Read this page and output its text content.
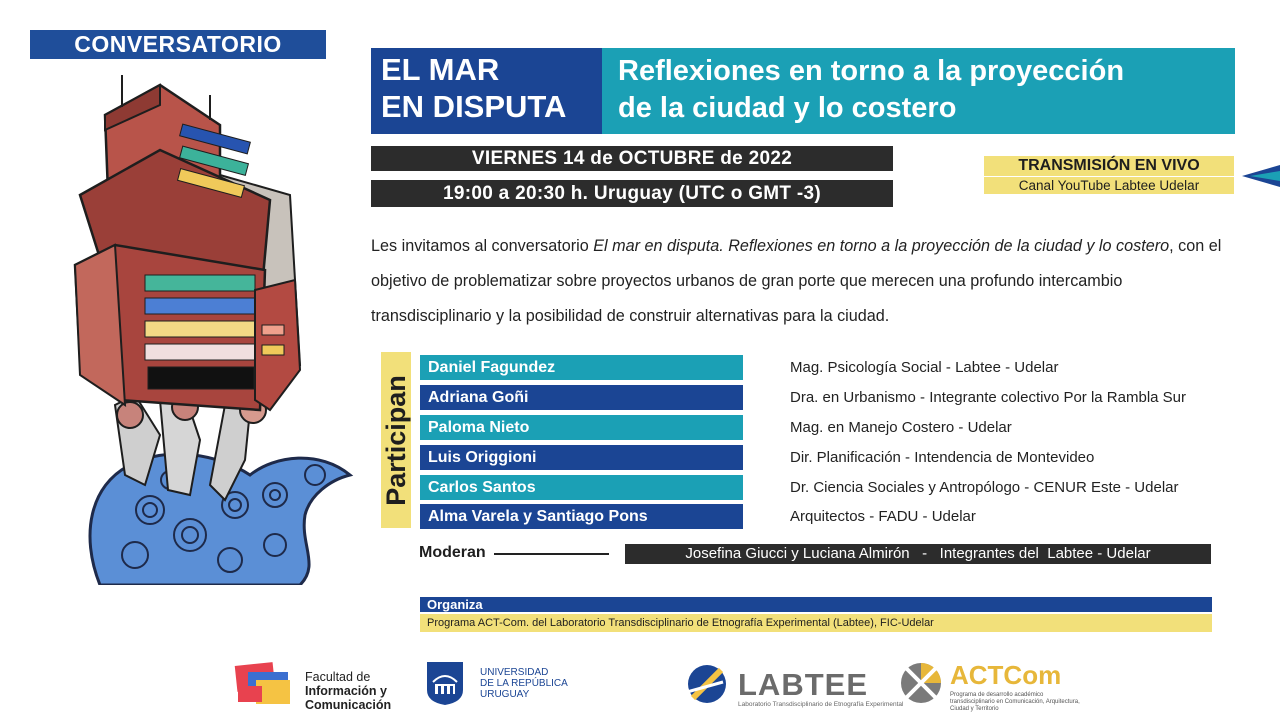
CONVERSATORIO
EL MAR
EN DISPUTA
Reflexiones en torno a la proyección
de la ciudad y lo costero
VIERNES 14 de OCTUBRE de 2022
19:00 a 20:30 h. Uruguay (UTC o GMT -3)
TRANSMISIÓN EN VIVO
Canal YouTube Labtee Udelar
Les invitamos al conversatorio El mar en disputa. Reflexiones en torno a la proyección de la ciudad y lo costero, con el objetivo de problematizar sobre proyectos urbanos de gran porte que merecen una profundo intercambio transdisciplinario y la posibilidad de construir alternativas para la ciudad.
Participan
Daniel Fagundez	Mag. Psicología Social - Labtee - Udelar
Adriana Goñi	Dra. en Urbanismo - Integrante colectivo Por la Rambla Sur
Paloma Nieto	Mag. en Manejo Costero - Udelar
Luis Origgioni	Dir. Planificación - Intendencia de Montevideo
Carlos Santos	Dr. Ciencia Sociales y Antropólogo - CENUR Este - Udelar
Alma Varela y Santiago Pons	Arquitectos - FADU - Udelar
Moderan	Josefina Giucci y Luciana Almirón   -   Integrantes del  Labtee - Udelar
Organiza
Programa ACT-Com. del Laboratorio Transdisciplinario de Etnografía Experimental (Labtee), FIC-Udelar
Facultad de
Información y
Comunicación
UNIVERSIDAD
DE LA REPÚBLICA
URUGUAY	LABTEE
Laboratorio Transdisciplinario de Etnografía Experimental
ACTCom
Programa de desarrollo académico transdisciplinario en Comunicación, Arquitectura, Ciudad y Territorio
